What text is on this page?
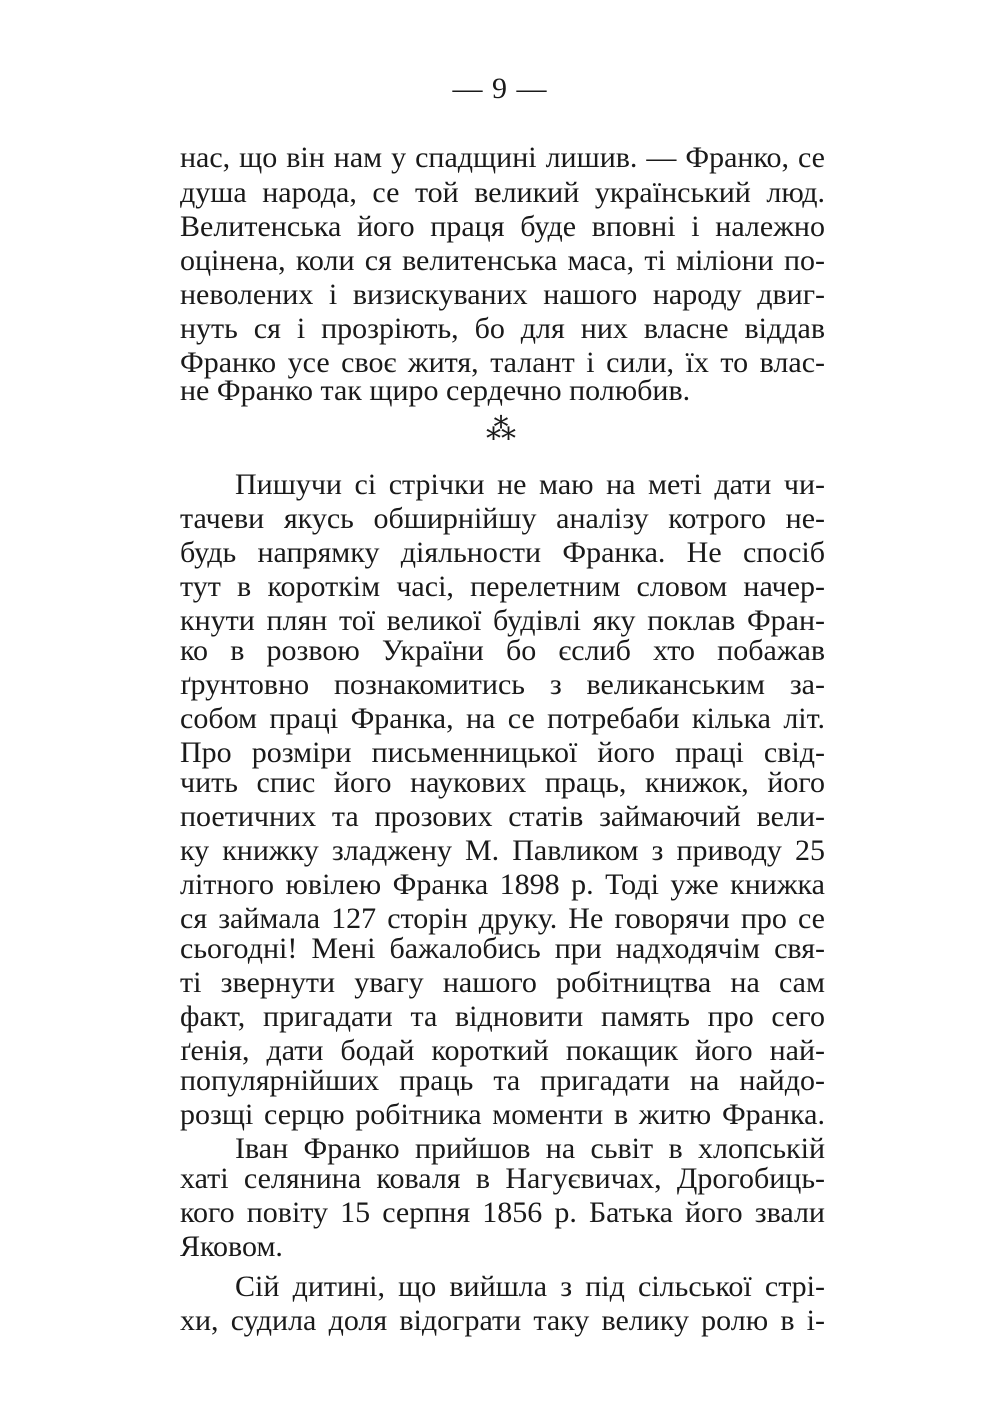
— 9 —
нас, що він нам у спадщині лишив. — Франко, се
душа народа, се той великий український люд.
Велитенська його праця буде вповні і належно
оцінена, коли ся велитенська маса, ті міліони по-
неволених і визискуваних нашого народу двиг-
нуть ся і прозріють, бо для них власне віддав
Франко усе своє житя, талант і сили, їх то влас-
не Франко так щиро сердечно полюбив.
⁂
Пишучи сі стрічки не маю на меті дати чи-
тачеви якусь обширнійшу аналізу котрого не-
будь напрямку діяльности Франка. Не спосіб
тут в короткім часі, перелетним словом начер-
кнути плян тої великої будівлі яку поклав Фран-
ко в розвою України бо єслиб хто побажав
ґрунтовно познакомитись з великанським за-
собом праці Франка, на се потребаби кілька літ.
Про розміри письменницької його праці свід-
чить спис його наукових праць, книжок, його
поетичних та прозових статів займаючий вели-
ку книжку зладжену М. Павликом з приводу 25
літного ювілею Франка 1898 р. Тоді уже книжка
ся займала 127 сторін друку. Не говорячи про се
сьогодні! Мені бажалобись при надходячім свя-
ті звернути увагу нашого робітництва на сам
факт, пригадати та відновити память про сего
ґенія, дати бодай короткий покащик його най-
популярнійших праць та пригадати на найдо-
розщі серцю робітника моменти в житю Франка.
Іван Франко прийшов на сьвіт в хлопській
хаті селянина коваля в Нагуєвичах, Дрогобиць-
кого повіту 15 серпня 1856 р. Батька його звали
Яковом.
Сій дитині, що вийшла з під сільської стрі-
хи, судила доля відограти таку велику ролю в і-
